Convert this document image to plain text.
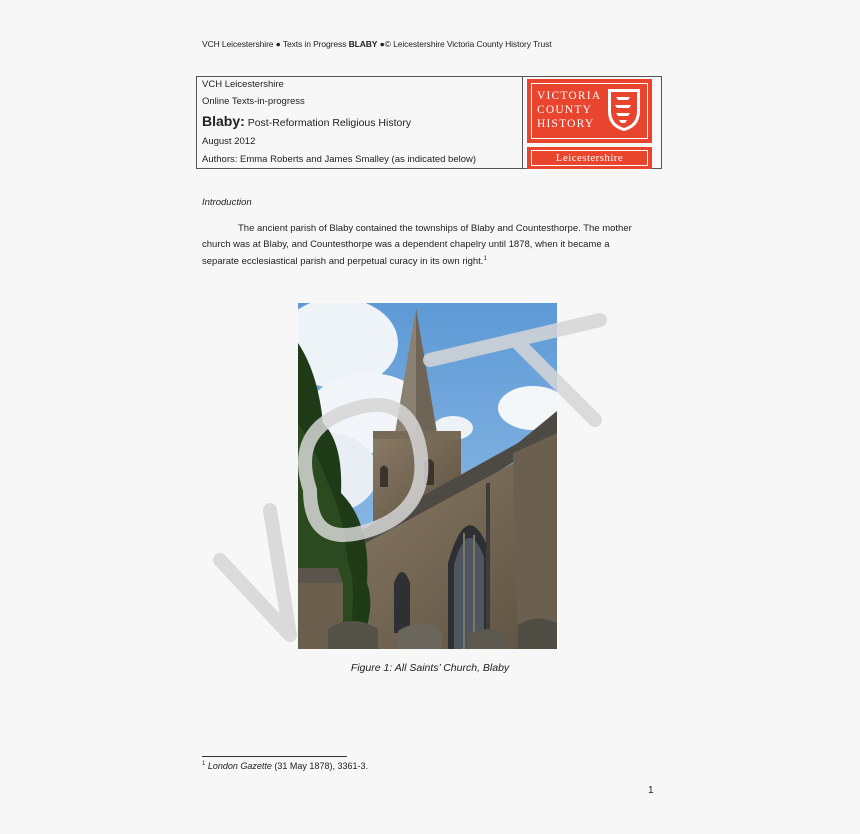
VCH Leicestershire ● Texts in Progress BLABY ●© Leicestershire Victoria County History Trust
VCH Leicestershire
Online Texts-in-progress
Blaby: Post-Reformation Religious History
August 2012
Authors: Emma Roberts and James Smalley (as indicated below)
VICTORIA
COUNTY
HISTORY
Leicestershire
Introduction
The ancient parish of Blaby contained the townships of Blaby and Countesthorpe. The mother church was at Blaby, and Countesthorpe was a dependent chapelry until 1878, when it became a separate ecclesiastical parish and perpetual curacy in its own right.$^1$
Figure 1: All Saints’ Church, Blaby
$^1$ London Gazette (31 May 1878), 3361-3.
1
